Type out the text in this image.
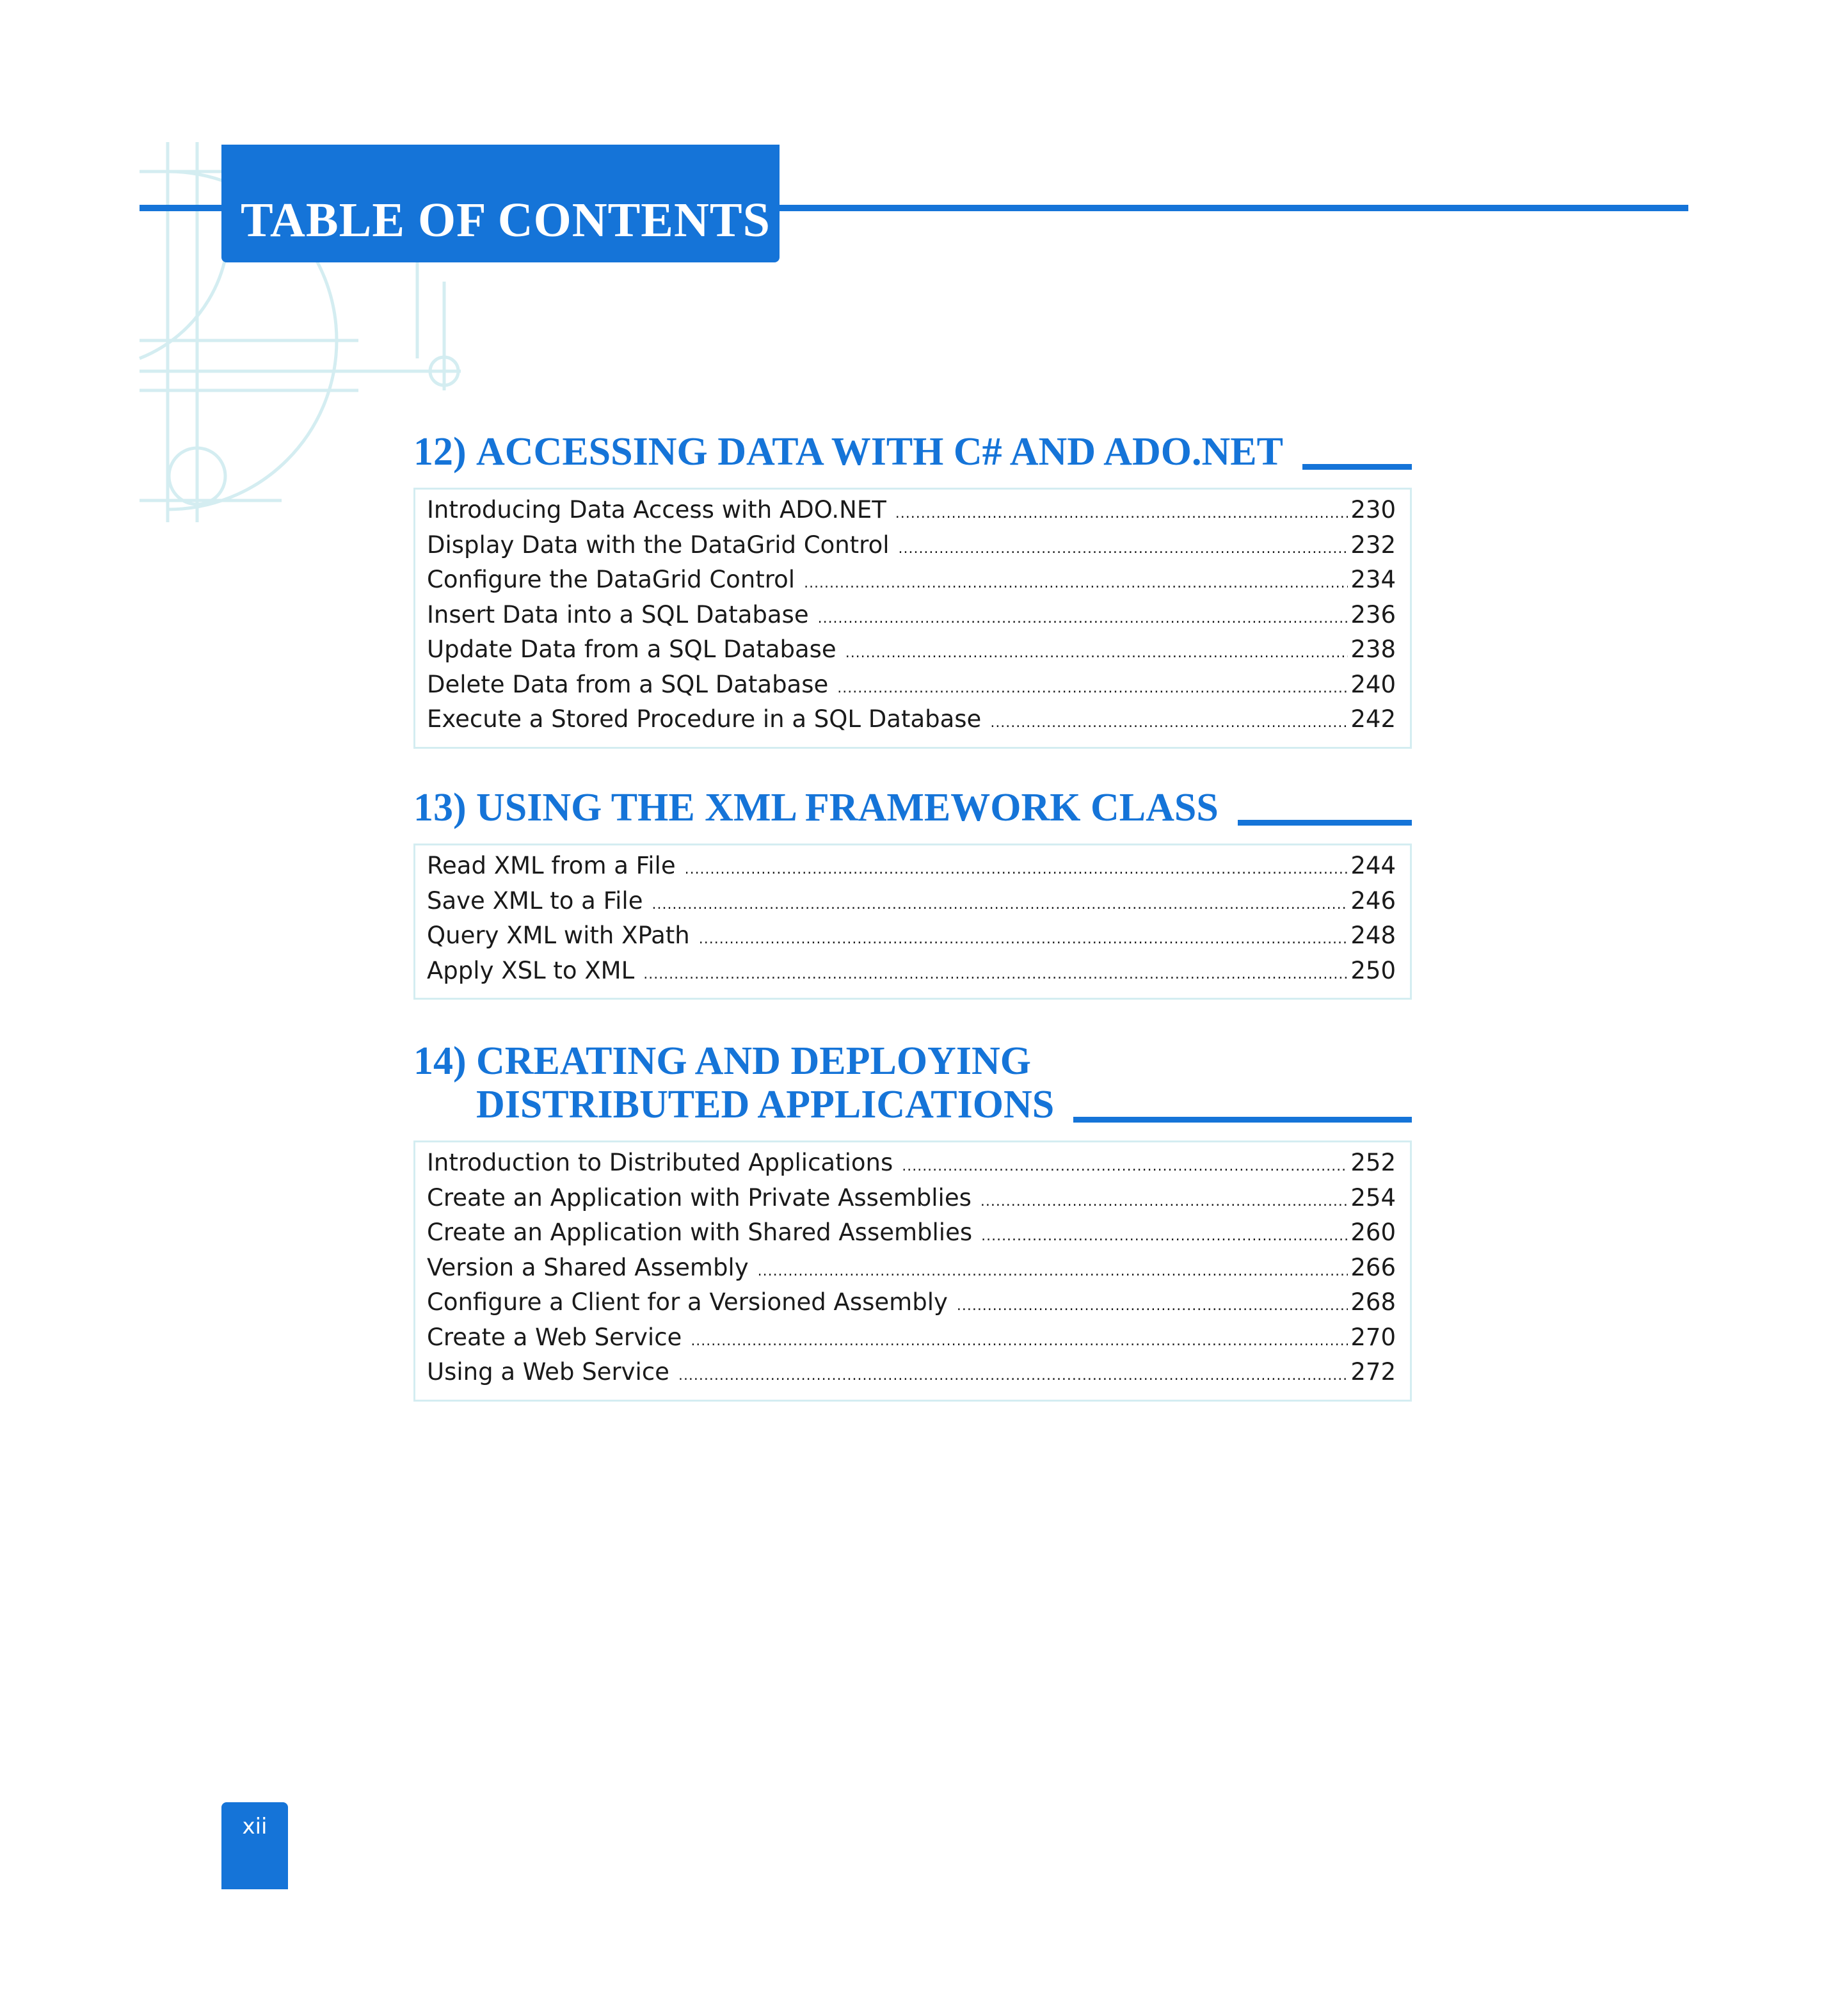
TABLE OF CONTENTS
12) ACCESSING DATA WITH C# AND ADO.NET
Introducing Data Access with ADO.NET . . .	230
Display Data with the DataGrid Control . . .	232
Configure the DataGrid Control . . .	234
Insert Data into a SQL Database . . .	236
Update Data from a SQL Database . . .	238
Delete Data from a SQL Database . . .	240
Execute a Stored Procedure in a SQL Database . . .	242
13) USING THE XML FRAMEWORK CLASS
Read XML from a File . . .	244
Save XML to a File . . .	246
Query XML with XPath . . .	248
Apply XSL to XML . . .	250
14) CREATING AND DEPLOYING
DISTRIBUTED APPLICATIONS
Introduction to Distributed Applications . . .	252
Create an Application with Private Assemblies . . .	254
Create an Application with Shared Assemblies . . .	260
Version a Shared Assembly . . .	266
Configure a Client for a Versioned Assembly . . .	268
Create a Web Service . . .	270
Using a Web Service . . .	272
xii
